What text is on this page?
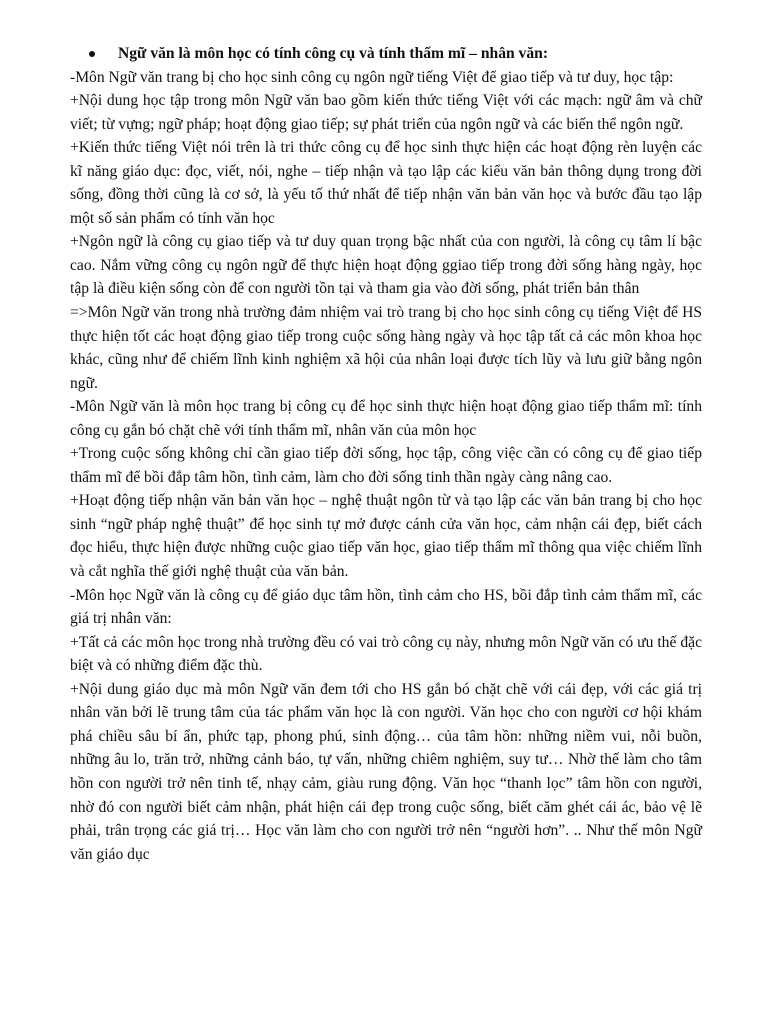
Ngữ văn là môn học có tính công cụ và tính thẩm mĩ – nhân văn:

-Môn Ngữ văn trang bị cho học sinh công cụ ngôn ngữ tiếng Việt để giao tiếp và tư duy, học tập:

+Nội dung học tập trong môn Ngữ văn bao gồm kiến thức tiếng Việt với các mạch: ngữ âm và chữ viết; từ vựng; ngữ pháp; hoạt động giao tiếp; sự phát triển của ngôn ngữ và các biến thể ngôn ngữ.

+Kiến thức tiếng Việt nói trên là tri thức công cụ để học sinh thực hiện các hoạt động rèn luyện các kĩ năng giáo dục: đọc, viết, nói, nghe – tiếp nhận và tạo lập các kiểu văn bản thông dụng trong đời sống, đồng thời cũng là cơ sở, là yếu tố thứ nhất để tiếp nhận văn bản văn học và bước đầu tạo lập một số sản phẩm có tính văn học

+Ngôn ngữ là công cụ giao tiếp và tư duy quan trọng bậc nhất của con người, là công cụ tâm lí bậc cao. Nắm vững công cụ ngôn ngữ để thực hiện hoạt động ggiao tiếp trong đời sống hàng ngày, học tập là điều kiện sống còn để con người tồn tại và tham gia vào đời sống, phát triển bản thân

=>Môn Ngữ văn trong nhà trường đảm nhiệm vai trò trang bị cho học sinh công cụ tiếng Việt để HS thực hiện tốt các hoạt động giao tiếp trong cuộc sống hàng ngày và học tập tất cả các môn khoa học khác, cũng như để chiếm lĩnh kinh nghiệm xã hội của nhân loại được tích lũy và lưu giữ bằng ngôn ngữ.

-Môn Ngữ văn là môn học trang bị công cụ để học sinh thực hiện hoạt động giao tiếp thẩm mĩ: tính công cụ gắn bó chặt chẽ với tính thẩm mĩ, nhân văn của môn học

+Trong cuộc sống không chỉ cần giao tiếp đời sống, học tập, công việc cần có công cụ để giao tiếp thẩm mĩ để bồi đắp tâm hồn, tình cảm, làm cho đời sống tinh thần ngày càng nâng cao.

+Hoạt động tiếp nhận văn bản văn học – nghệ thuật ngôn từ và tạo lập các văn bản trang bị cho học sinh “ngữ pháp nghệ thuật” để học sinh tự mở được cánh cửa văn học, cảm nhận cái đẹp, biết cách đọc hiểu, thực hiện được những cuộc giao tiếp văn học, giao tiếp thẩm mĩ thông qua việc chiếm lĩnh và cắt nghĩa thế giới nghệ thuật của văn bản.

-Môn học Ngữ văn là công cụ để giáo dục tâm hồn, tình cảm cho HS, bồi đắp tình cảm thẩm mĩ, các giá trị nhân văn:

+Tất cả các môn học trong nhà trường đều có vai trò công cụ này, nhưng môn Ngữ văn có ưu thế đặc biệt và có những điểm đặc thù.

+Nội dung giáo dục mà môn Ngữ văn đem tới cho HS gắn bó chặt chẽ với cái đẹp, với các giá trị nhân văn bởi lẽ trung tâm của tác phẩm văn học là con người. Văn học cho con người cơ hội khám phá chiều sâu bí ẩn, phức tạp, phong phú, sinh động… của tâm hồn: những niềm vui, nỗi buồn, những âu lo, trăn trở, những cảnh báo, tự vấn, những chiêm nghiệm, suy tư… Nhờ thế làm cho tâm hồn con người trở nên tinh tế, nhạy cảm, giàu rung động. Văn học “thanh lọc” tâm hồn con người, nhờ đó con người biết cảm nhận, phát hiện cái đẹp trong cuộc sống, biết căm ghét cái ác, bảo vệ lẽ phải, trân trọng các giá trị… Học văn làm cho con người trở nên “người hơn”. .. Như thế môn Ngữ văn giáo dục
